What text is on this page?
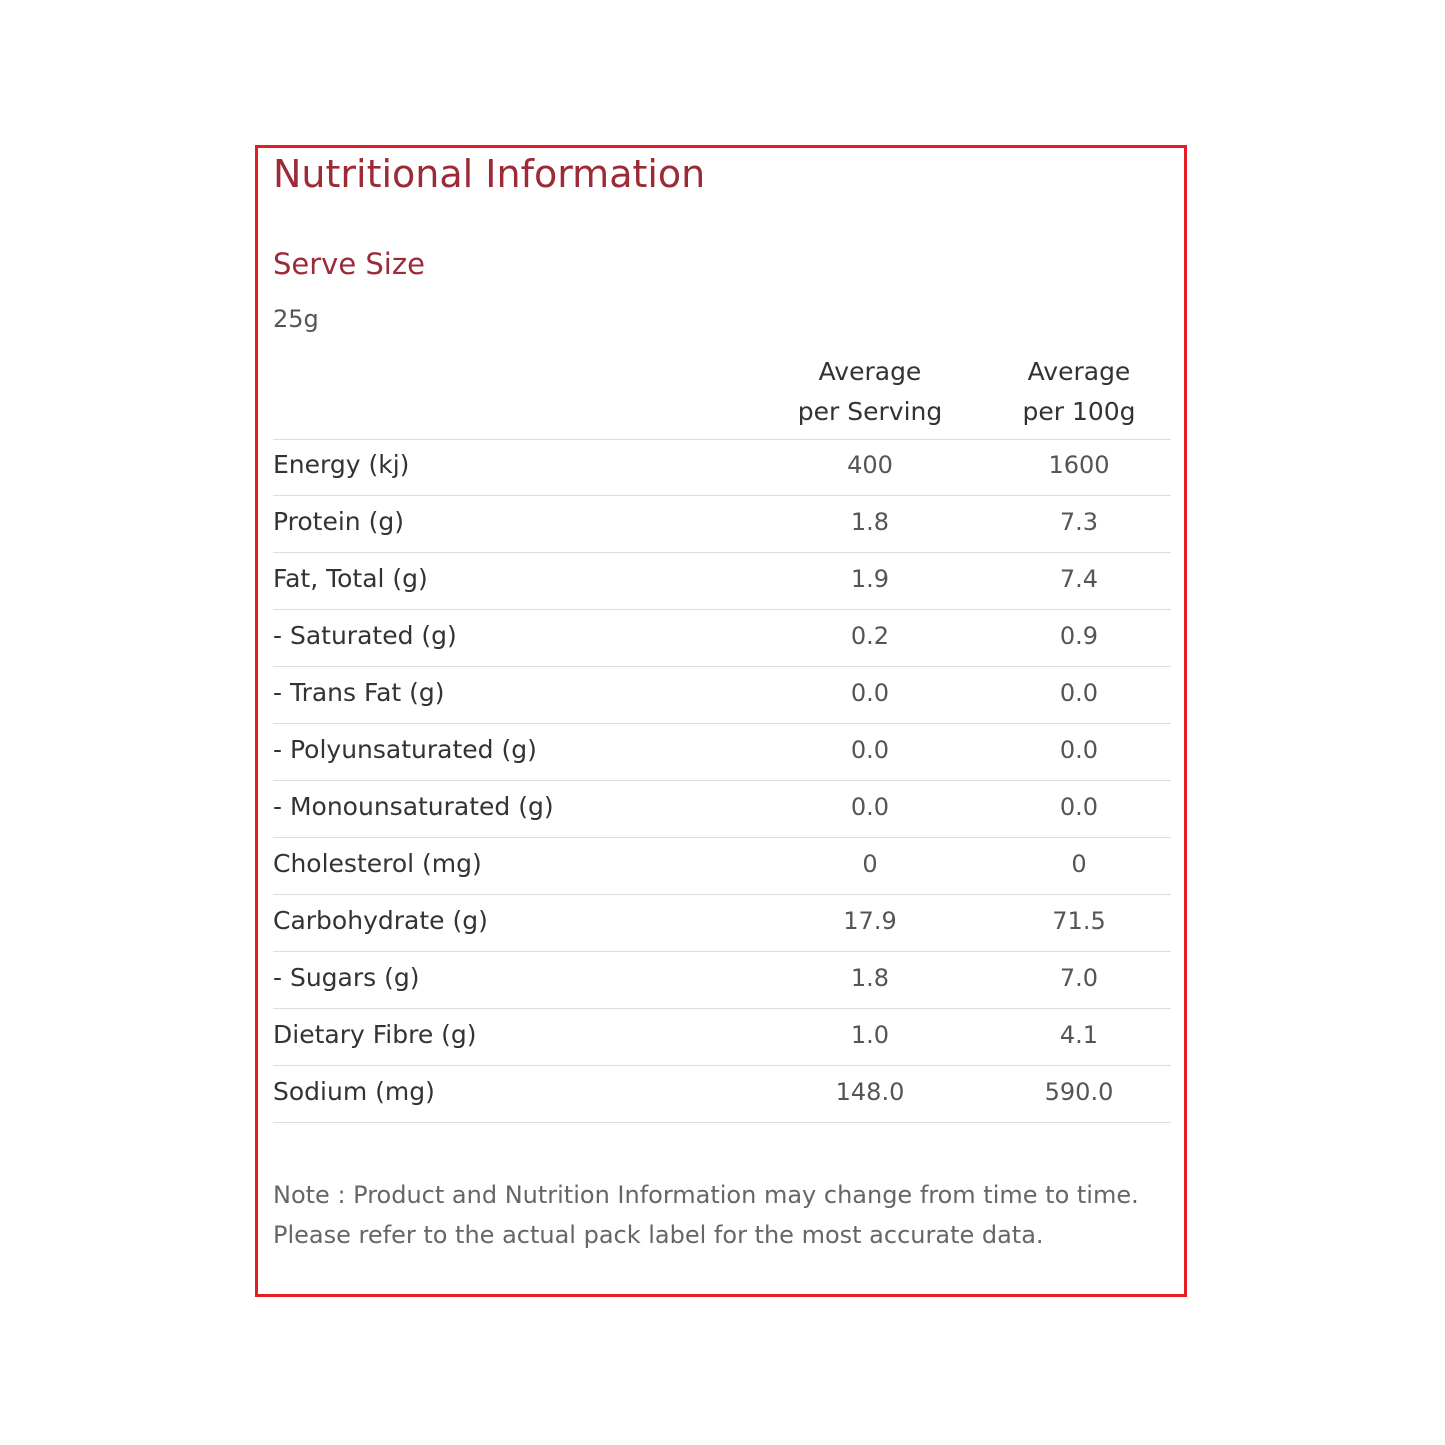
Nutritional Information
Serve Size

25g

Average
per Serving
Average
per 100g
Energy (kj)	400	1600
Protein (g)	1.8	7.3
Fat, Total (g)	1.9	7.4
- Saturated (g)	0.2	0.9
- Trans Fat (g)	0.0	0.0
- Polyunsaturated (g)	0.0	0.0
- Monounsaturated (g)	0.0	0.0
Cholesterol (mg)	0	0
Carbohydrate (g)	17.9	71.5
- Sugars (g)	1.8	7.0
Dietary Fibre (g)	1.0	4.1
Sodium (mg)	148.0	590.0

Note : Product and Nutrition Information may change from time to time. Please refer to the actual pack label for the most accurate data.
